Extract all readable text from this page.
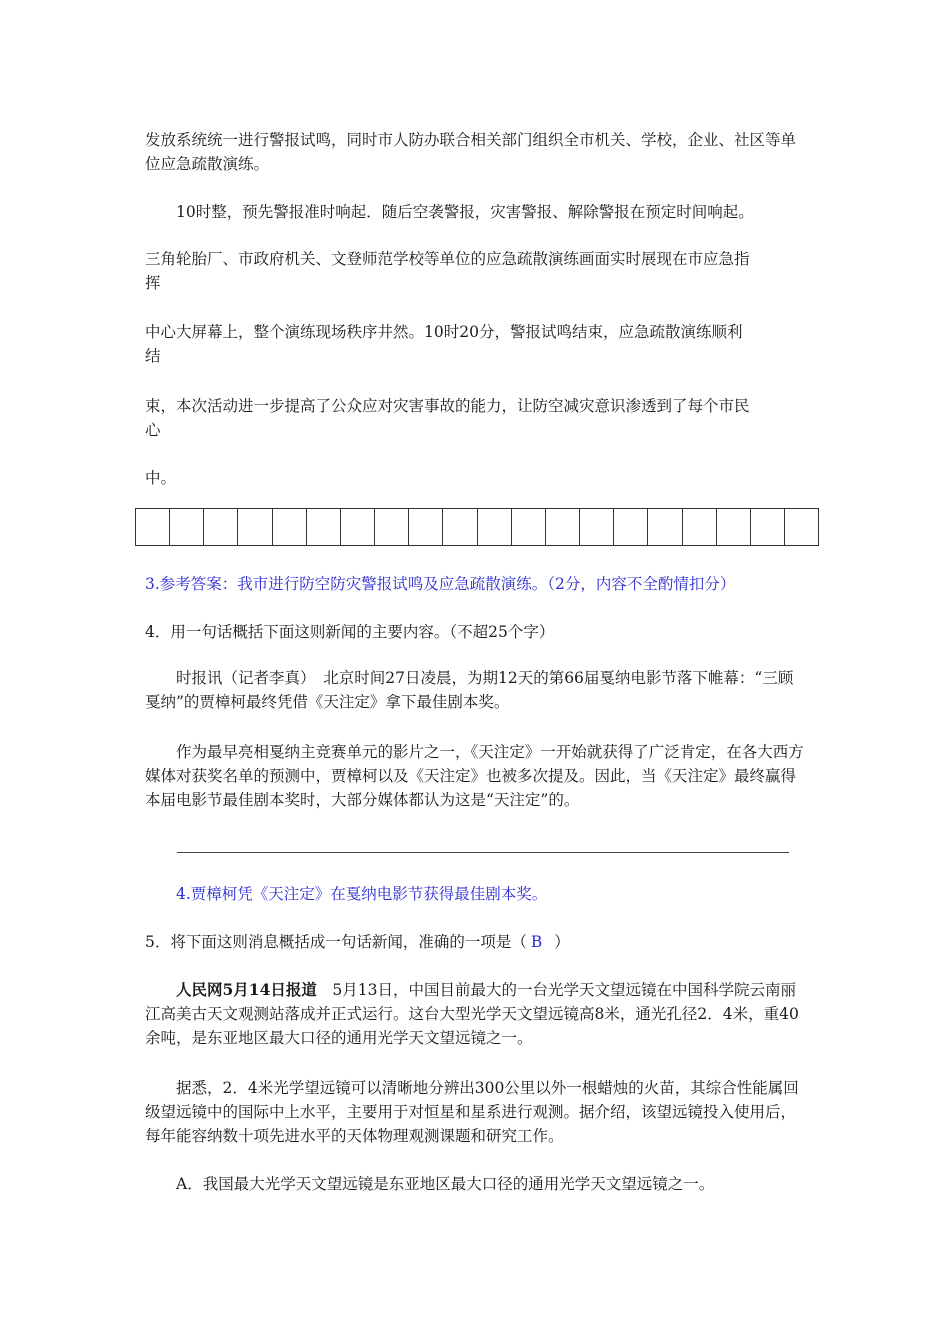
发放系统统一进行警报试鸣，同时市人防办联合相关部门组织全市机关、学校，企业、社区等单位应急疏散演练。
10时整，预先警报准时响起．随后空袭警报，灾害警报、解除警报在预定时间响起。
三角轮胎厂、市政府机关、文登师范学校等单位的应急疏散演练画面实时展现在市应急指
挥
中心大屏幕上，整个演练现场秩序井然。10时20分，警报试鸣结束，应急疏散演练顺利
结
束，本次活动进一步提高了公众应对灾害事故的能力，让防空减灾意识渗透到了每个市民
心
中。
3.参考答案：我市进行防空防灾警报试鸣及应急疏散演练。（2分，内容不全酌情扣分）
4．用一句话概括下面这则新闻的主要内容。（不超25个字）
时报讯（记者李真）　北京时间27日凌晨，为期12天的第66届戛纳电影节落下帷幕：“三顾戛纳”的贾樟柯最终凭借《天注定》拿下最佳剧本奖。
作为最早亮相戛纳主竞赛单元的影片之一，《天注定》一开始就获得了广泛肯定，在各大西方媒体对获奖名单的预测中，贾樟柯以及《天注定》也被多次提及。因此，当《天注定》最终赢得本届电影节最佳剧本奖时，大部分媒体都认为这是“天注定”的。
4.贾樟柯凭《天注定》在戛纳电影节获得最佳剧本奖。
5．将下面这则消息概括成一句话新闻，准确的一项是（ B ）
人民网5月14日报道　5月13日，中国目前最大的一台光学天文望远镜在中国科学院云南丽江高美古天文观测站落成并正式运行。这台大型光学天文望远镜高8米，通光孔径2．4米，重40余吨，是东亚地区最大口径的通用光学天文望远镜之一。
据悉，2．4米光学望远镜可以清晰地分辨出300公里以外一根蜡烛的火苗，其综合性能属回级望远镜中的国际中上水平，主要用于对恒星和星系进行观测。据介绍，该望远镜投入使用后，每年能容纳数十项先进水平的天体物理观测课题和研究工作。
A．我国最大光学天文望远镜是东亚地区最大口径的通用光学天文望远镜之一。
